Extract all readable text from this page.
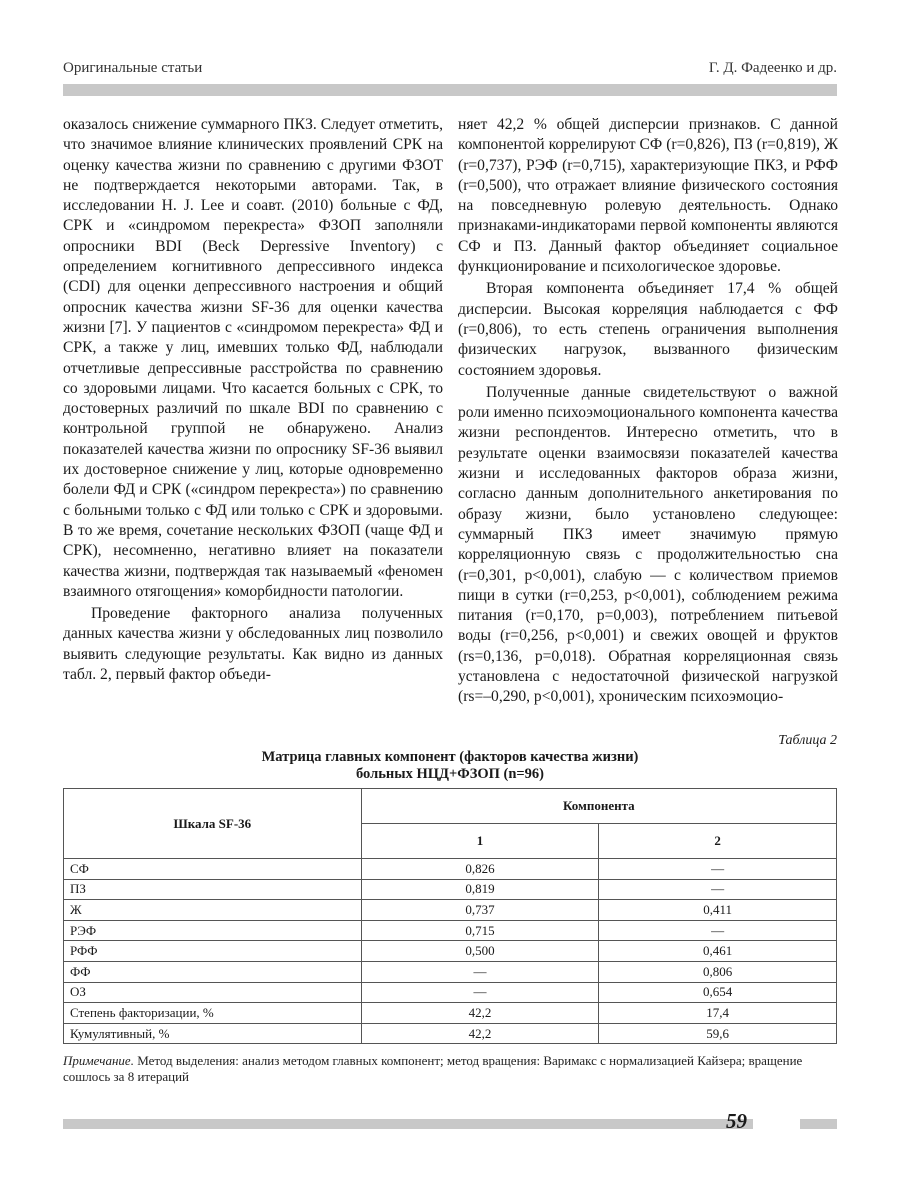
Оригинальные статьи	Г. Д. Фадеенко и др.

оказалось снижение суммарного ПКЗ. Следует отметить, что значимое влияние клинических проявлений СРК на оценку качества жизни по сравнению с другими ФЗОТ не подтверждается некоторыми авторами. Так, в исследовании H. J. Lee и соавт. (2010) больные с ФД, СРК и «синдромом перекреста» ФЗОП заполняли опросники BDI (Beck Depressive Inventory) с определением когнитивного депрессивного индекса (CDI) для оценки депрессивного настроения и общий опросник качества жизни SF-36 для оценки качества жизни [7]. У пациентов с «синдромом перекреста» ФД и СРК, а также у лиц, имевших только ФД, наблюдали отчетливые депрессивные расстройства по сравнению со здоровыми лицами. Что касается больных с СРК, то достоверных различий по шкале BDI по сравнению с контрольной группой не обнаружено. Анализ показателей качества жизни по опроснику SF-36 выявил их достоверное снижение у лиц, которые одновременно болели ФД и СРК («синдром перекреста») по сравнению с больными только с ФД или только с СРК и здоровыми. В то же время, сочетание нескольких ФЗОП (чаще ФД и СРК), несомненно, негативно влияет на показатели качества жизни, подтверждая так называемый «феномен взаимного отягощения» коморбидности патологии.

Проведение факторного анализа полученных данных качества жизни у обследованных лиц позволило выявить следующие результаты. Как видно из данных табл. 2, первый фактор объеди-

няет 42,2 % общей дисперсии признаков. С данной компонентой коррелируют СФ (r=0,826), ПЗ (r=0,819), Ж (r=0,737), РЭФ (r=0,715), характеризующие ПКЗ, и РФФ (r=0,500), что отражает влияние физического состояния на повседневную ролевую деятельность. Однако признаками-индикаторами первой компоненты являются СФ и ПЗ. Данный фактор объединяет социальное функционирование и психологическое здоровье.

Вторая компонента объединяет 17,4 % общей дисперсии. Высокая корреляция наблюдается с ФФ (r=0,806), то есть степень ограничения выполнения физических нагрузок, вызванного физическим состоянием здоровья.

Полученные данные свидетельствуют о важной роли именно психоэмоционального компонента качества жизни респондентов. Интересно отметить, что в результате оценки взаимосвязи показателей качества жизни и исследованных факторов образа жизни, согласно данным дополнительного анкетирования по образу жизни, было установлено следующее: суммарный ПКЗ имеет значимую прямую корреляционную связь с продолжительностью сна (r=0,301, p<0,001), слабую — с количеством приемов пищи в сутки (r=0,253, p<0,001), соблюдением режима питания (r=0,170, p=0,003), потреблением питьевой воды (r=0,256, p<0,001) и свежих овощей и фруктов (rs=0,136, p=0,018). Обратная корреляционная связь установлена с недостаточной физической нагрузкой (rs=–0,290, p<0,001), хроническим психоэмоцио-

Таблица 2
Матрица главных компонент (факторов качества жизни)
больных НЦД+ФЗОП (n=96)
Шкала SF-36	Компонента	
	1	2
СФ	0,826	—
ПЗ	0,819	—
Ж	0,737	0,411
РЭФ	0,715	—
РФФ	0,500	0,461
ФФ	—	0,806
ОЗ	—	0,654
Степень факторизации, %	42,2	17,4
Кумулятивный, %	42,2	59,6
Примечание. Метод выделения: анализ методом главных компонент; метод вращения: Варимакс с нормализацией Кайзера; вращение сошлось за 8 итераций
59
